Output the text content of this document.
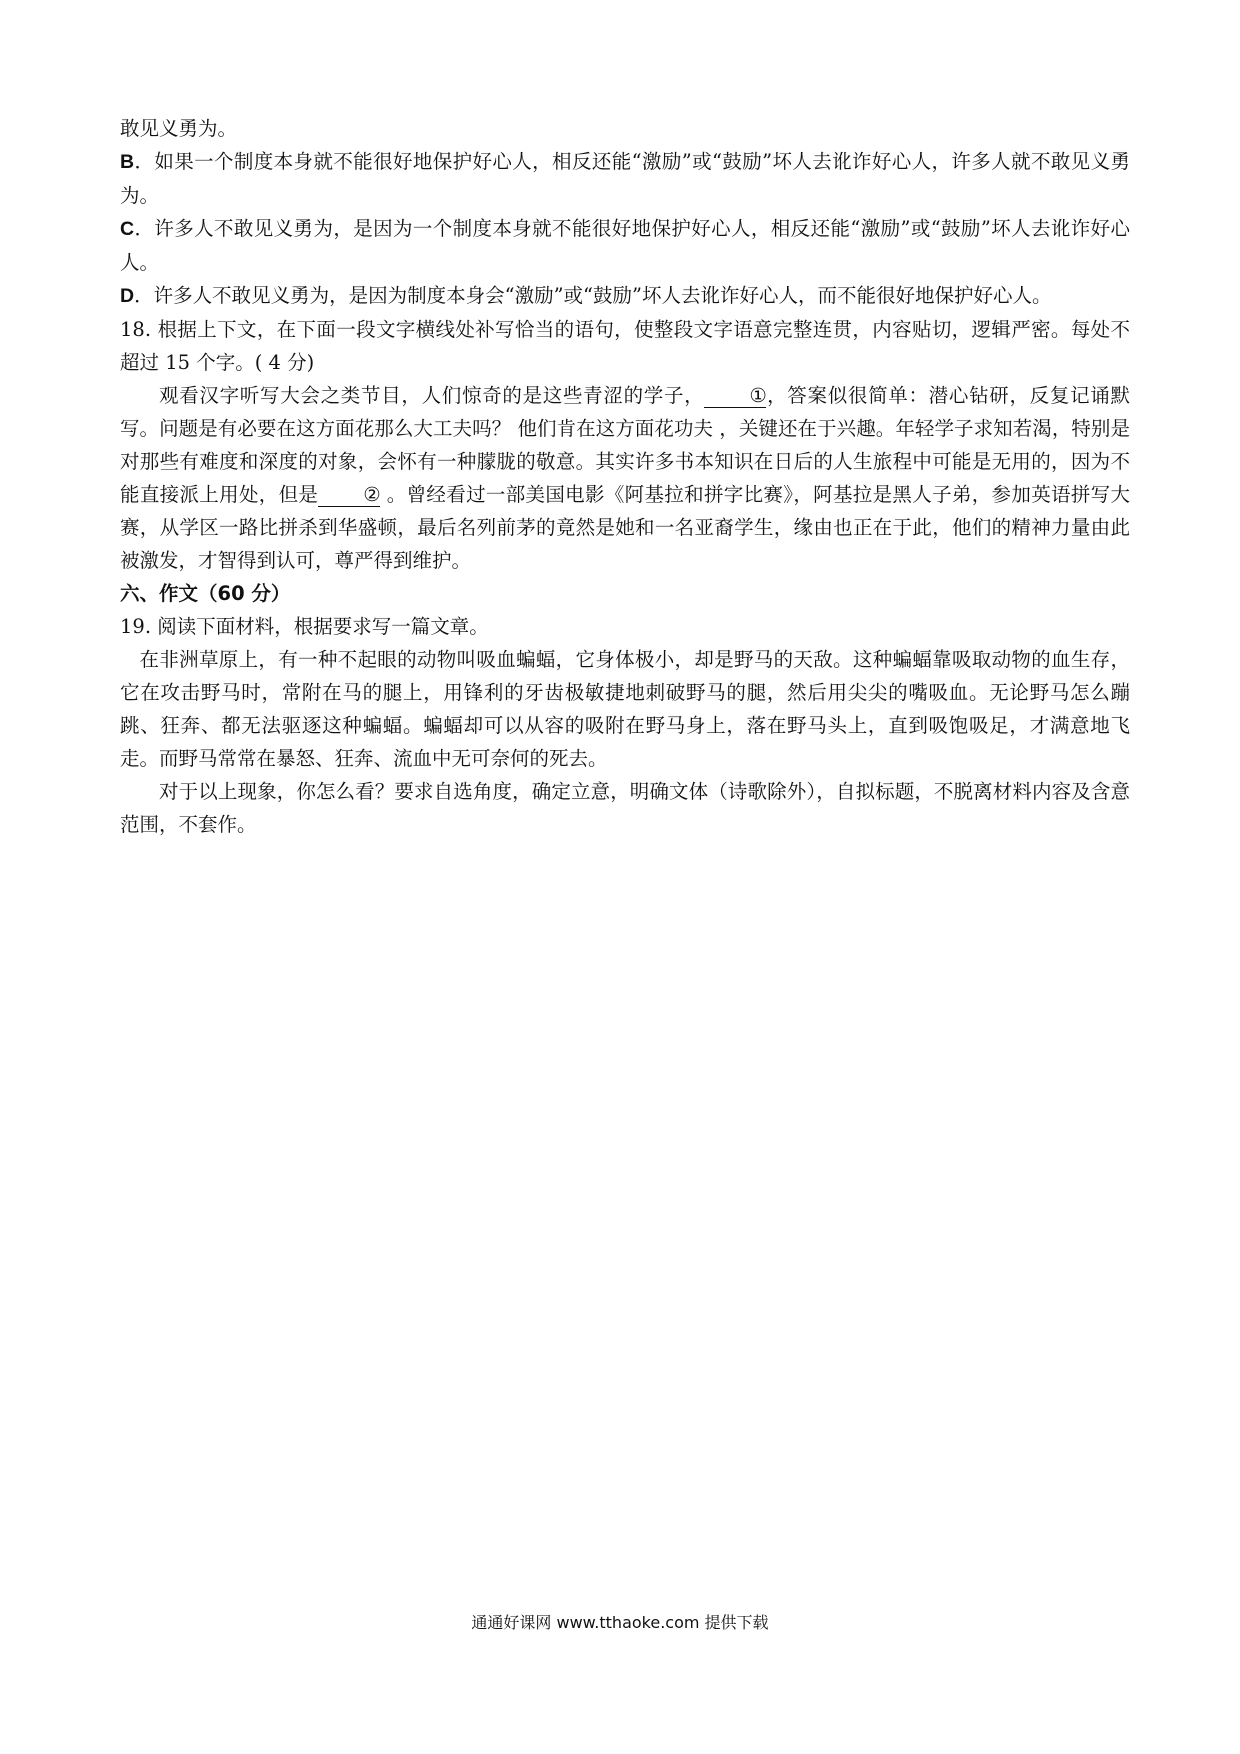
敢见义勇为。

B．如果一个制度本身就不能很好地保护好心人，相反还能“激励”或“鼓励”坏人去讹诈好心人，许多人就不敢见义勇为。

C．许多人不敢见义勇为，是因为一个制度本身就不能很好地保护好心人，相反还能“激励”或“鼓励”坏人去讹诈好心人。

D．许多人不敢见义勇为，是因为制度本身会“激励”或“鼓励”坏人去讹诈好心人，而不能很好地保护好心人。

18. 根据上下文，在下面一段文字横线处补写恰当的语句，使整段文字语意完整连贯，内容贴切，逻辑严密。每处不超过 15 个字。( 4 分)

观看汉字听写大会之类节目，人们惊奇的是这些青涩的学子， ①，答案似很简单：潜心钻研，反复记诵默写。问题是有必要在这方面花那么大工夫吗？ 他们肯在这方面花功夫 ，关键还在于兴趣。年轻学子求知若渴，特别是对那些有难度和深度的对象，会怀有一种朦胧的敬意。其实许多书本知识在日后的人生旅程中可能是无用的，因为不能直接派上用处，但是 ② 。曾经看过一部美国电影《阿基拉和拼字比赛》，阿基拉是黑人子弟，参加英语拼写大赛，从学区一路比拼杀到华盛顿，最后名列前茅的竟然是她和一名亚裔学生，缘由也正在于此，他们的精神力量由此被激发，才智得到认可，尊严得到维护。

六、作文（60 分）

19. 阅读下面材料，根据要求写一篇文章。

在非洲草原上，有一种不起眼的动物叫吸血蝙蝠，它身体极小，却是野马的天敌。这种蝙蝠靠吸取动物的血生存，它在攻击野马时，常附在马的腿上，用锋利的牙齿极敏捷地刺破野马的腿，然后用尖尖的嘴吸血。无论野马怎么蹦跳、狂奔、都无法驱逐这种蝙蝠。蝙蝠却可以从容的吸附在野马身上，落在野马头上，直到吸饱吸足，才满意地飞走。而野马常常在暴怒、狂奔、流血中无可奈何的死去。

对于以上现象，你怎么看？要求自选角度，确定立意，明确文体（诗歌除外），自拟标题，不脱离材料内容及含意范围，不套作。

通通好课网 www.tthaoke.com 提供下载
